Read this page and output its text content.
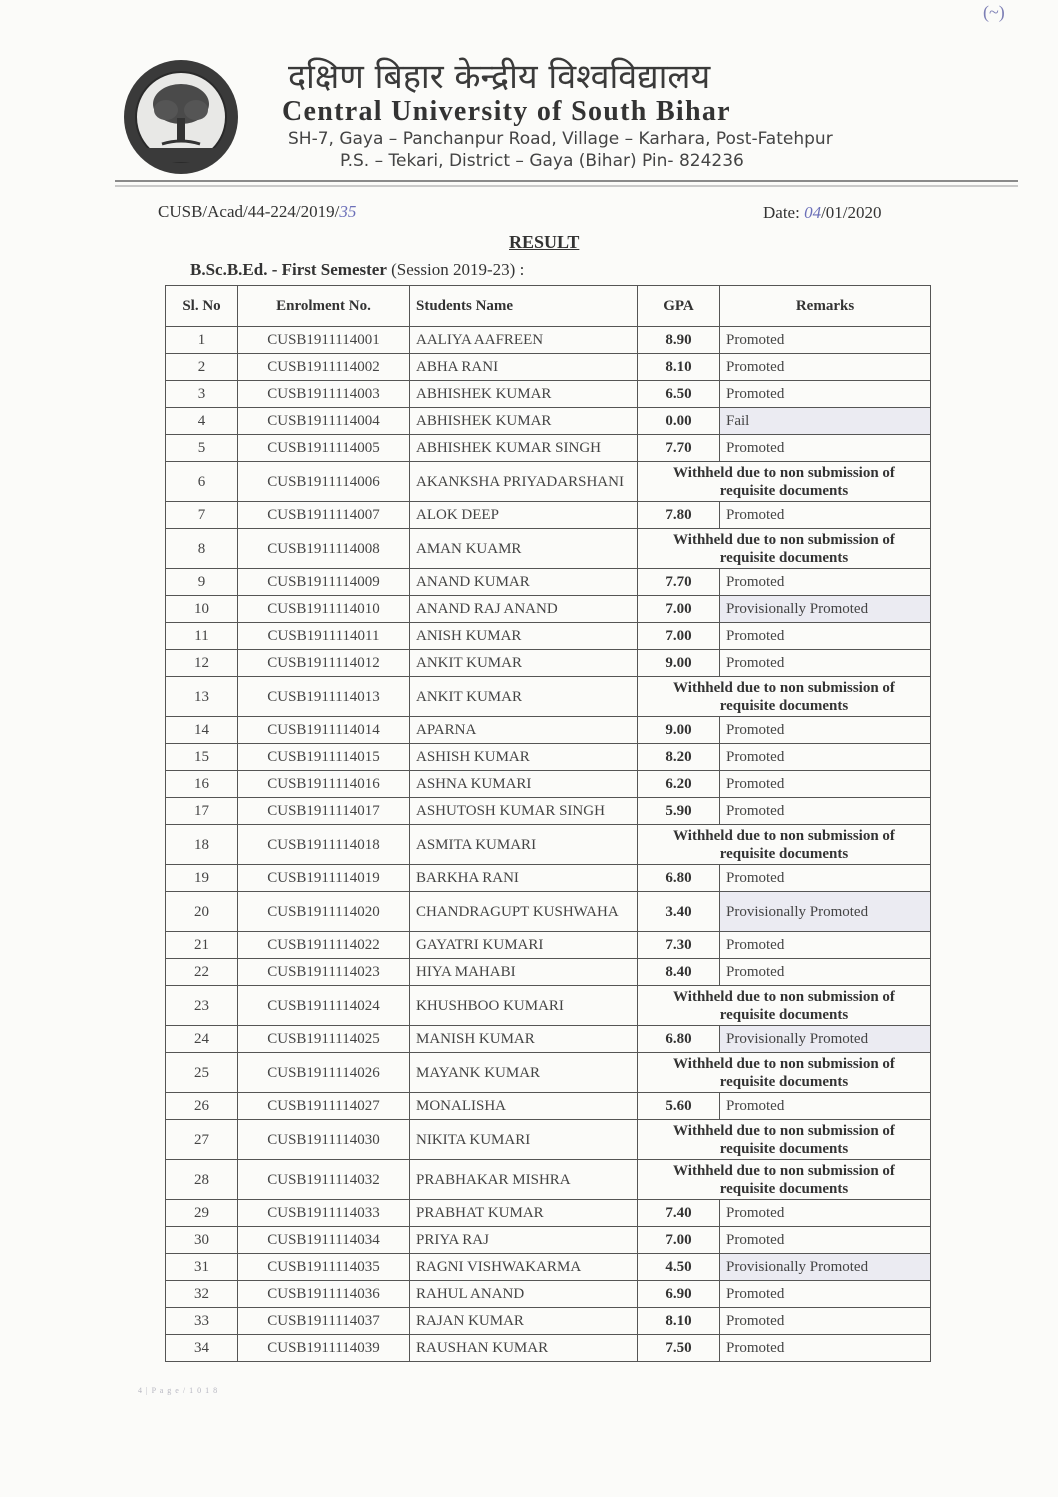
(~)
दक्षिण बिहार केन्द्रीय विश्वविद्यालय
Central University of South Bihar
SH-7, Gaya – Panchanpur Road, Village – Karhara, Post-Fatehpur
P.S. – Tekari, District – Gaya (Bihar) Pin- 824236
CUSB/Acad/44-224/2019/35	Date: 04/01/2020
RESULT
B.Sc.B.Ed. - First Semester (Session 2019-23) :
Sl. No	Enrolment No.	Students Name	GPA	Remarks
1	CUSB1911114001	AALIYA AAFREEN	8.90	Promoted
2	CUSB1911114002	ABHA RANI	8.10	Promoted
3	CUSB1911114003	ABHISHEK KUMAR	6.50	Promoted
4	CUSB1911114004	ABHISHEK KUMAR	0.00	Fail
5	CUSB1911114005	ABHISHEK KUMAR SINGH	7.70	Promoted
6	CUSB1911114006	AKANKSHA PRIYADARSHANI	Withheld due to non submission of requisite documents	
7	CUSB1911114007	ALOK DEEP	7.80	Promoted
8	CUSB1911114008	AMAN KUAMR	Withheld due to non submission of requisite documents	
9	CUSB1911114009	ANAND KUMAR	7.70	Promoted
10	CUSB1911114010	ANAND RAJ ANAND	7.00	Provisionally Promoted
11	CUSB1911114011	ANISH KUMAR	7.00	Promoted
12	CUSB1911114012	ANKIT KUMAR	9.00	Promoted
13	CUSB1911114013	ANKIT KUMAR	Withheld due to non submission of requisite documents	
14	CUSB1911114014	APARNA	9.00	Promoted
15	CUSB1911114015	ASHISH KUMAR	8.20	Promoted
16	CUSB1911114016	ASHNA KUMARI	6.20	Promoted
17	CUSB1911114017	ASHUTOSH KUMAR SINGH	5.90	Promoted
18	CUSB1911114018	ASMITA KUMARI	Withheld due to non submission of requisite documents	
19	CUSB1911114019	BARKHA RANI	6.80	Promoted
20	CUSB1911114020	CHANDRAGUPT KUSHWAHA	3.40	Provisionally Promoted
21	CUSB1911114022	GAYATRI KUMARI	7.30	Promoted
22	CUSB1911114023	HIYA MAHABI	8.40	Promoted
23	CUSB1911114024	KHUSHBOO KUMARI	Withheld due to non submission of requisite documents	
24	CUSB1911114025	MANISH KUMAR	6.80	Provisionally Promoted
25	CUSB1911114026	MAYANK KUMAR	Withheld due to non submission of requisite documents	
26	CUSB1911114027	MONALISHA	5.60	Promoted
27	CUSB1911114030	NIKITA KUMARI	Withheld due to non submission of requisite documents	
28	CUSB1911114032	PRABHAKAR MISHRA	Withheld due to non submission of requisite documents	
29	CUSB1911114033	PRABHAT KUMAR	7.40	Promoted
30	CUSB1911114034	PRIYA RAJ	7.00	Promoted
31	CUSB1911114035	RAGNI VISHWAKARMA	4.50	Provisionally Promoted
32	CUSB1911114036	RAHUL ANAND	6.90	Promoted
33	CUSB1911114037	RAJAN KUMAR	8.10	Promoted
34	CUSB1911114039	RAUSHAN KUMAR	7.50	Promoted
4 | P a g e / 1 0 1 8
